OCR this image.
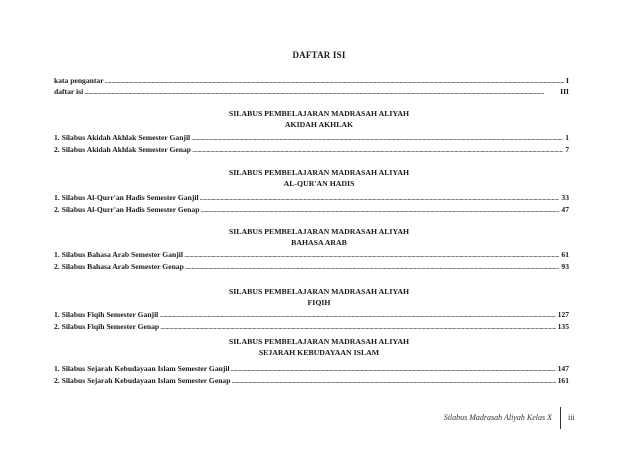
DAFTAR ISI
kata pengantar .....	I
daftar isi .....	III
SILABUS PEMBELAJARAN MADRASAH ALIYAH
AKIDAH AKHLAK
1. Silabus Akidah Akhlak Semester Ganjil .....	1
2. Silabus Akidah Akhlak Semester Genap .....	7
SILABUS PEMBELAJARAN MADRASAH ALIYAH
AL-QUR'AN HADIS
1. Silabus Al-Qurr'an Hadis Semester Ganjil .....	33
2. Silabus Al-Qurr'an Hadis Semester Genap .....	47
SILABUS PEMBELAJARAN MADRASAH ALIYAH
BAHASA ARAB
1. Silabus Bahasa Arab Semester Ganjil .....	61
2. Silabus Bahasa Arab Semester Genap .....	93
SILABUS PEMBELAJARAN MADRASAH ALIYAH
FIQIH
1. Silabus Fiqih Semester Ganjil .....	127
2. Silabus Fiqih Semester Genap .....	135
SILABUS PEMBELAJARAN MADRASAH ALIYAH
SEJARAH KEBUDAYAAN ISLAM
1. Silabus Sejarah Kebudayaan Islam Semester Ganjil .....	147
2. Silabus Sejarah Kebudayaan Islam Semester Genap .....	161
Silabus Madrasah Aliyah Kelas X iii
